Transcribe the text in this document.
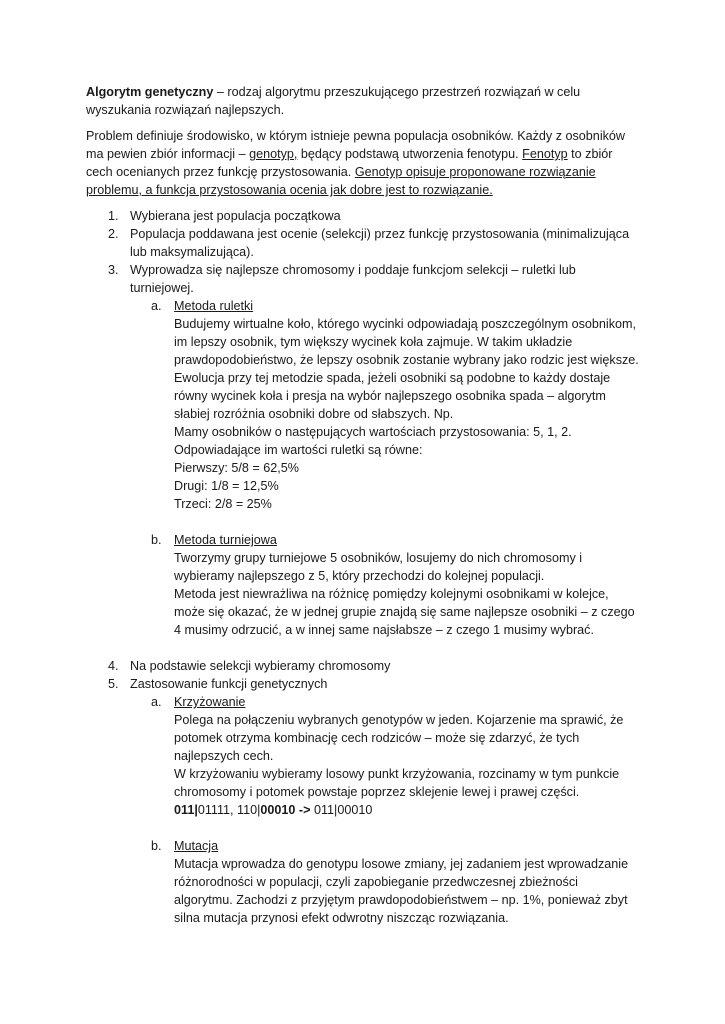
Algorytm genetyczny – rodzaj algorytmu przeszukującego przestrzeń rozwiązań w celu wyszukania rozwiązań najlepszych.

Problem definiuje środowisko, w którym istnieje pewna populacja osobników. Każdy z osobników ma pewien zbiór informacji – genotyp, będący podstawą utworzenia fenotypu. Fenotyp to zbiór cech ocenianych przez funkcję przystosowania. Genotyp opisuje proponowane rozwiązanie problemu, a funkcja przystosowania ocenia jak dobre jest to rozwiązanie.

1. Wybierana jest populacja początkowa
2. Populacja poddawana jest ocenie (selekcji) przez funkcję przystosowania (minimalizująca lub maksymalizująca).
3. Wyprowadza się najlepsze chromosomy i poddaje funkcjom selekcji – ruletki lub turniejowej.
a. Metoda ruletki

Budujemy wirtualne koło, którego wycinki odpowiadają poszczególnym osobnikom, im lepszy osobnik, tym większy wycinek koła zajmuje. W takim układzie prawdopodobieństwo, że lepszy osobnik zostanie wybrany jako rodzic jest większe.

Ewolucja przy tej metodzie spada, jeżeli osobniki są podobne to każdy dostaje równy wycinek koła i presja na wybór najlepszego osobnika spada – algorytm słabiej rozróżnia osobniki dobre od słabszych. Np.

Mamy osobników o następujących wartościach przystosowania: 5, 1, 2.

Odpowiadające im wartości ruletki są równe:

Pierwszy: 5/8 = 62,5%

Drugi: 1/8 = 12,5%

Trzeci: 2/8 = 25%

b. Metoda turniejowa

Tworzymy grupy turniejowe 5 osobników, losujemy do nich chromosomy i wybieramy najlepszego z 5, który przechodzi do kolejnej populacji.

Metoda jest niewrażliwa na różnicę pomiędzy kolejnymi osobnikami w kolejce, może się okazać, że w jednej grupie znajdą się same najlepsze osobniki – z czego 4 musimy odrzucić, a w innej same najsłabsze – z czego 1 musimy wybrać.

4. Na podstawie selekcji wybieramy chromosomy
5. Zastosowanie funkcji genetycznych
a. Krzyżowanie

Polega na połączeniu wybranych genotypów w jeden. Kojarzenie ma sprawić, że potomek otrzyma kombinację cech rodziców – może się zdarzyć, że tych najlepszych cech.

W krzyżowaniu wybieramy losowy punkt krzyżowania, rozcinamy w tym punkcie chromosomy i potomek powstaje poprzez sklejenie lewej i prawej części.

011|01111, 110|00010 -> 011|00010

b. Mutacja

Mutacja wprowadza do genotypu losowe zmiany, jej zadaniem jest wprowadzanie różnorodności w populacji, czyli zapobieganie przedwczesnej zbieżności algorytmu. Zachodzi z przyjętym prawdopodobieństwem – np. 1%, ponieważ zbyt silna mutacja przynosi efekt odwrotny niszcząc rozwiązania.
